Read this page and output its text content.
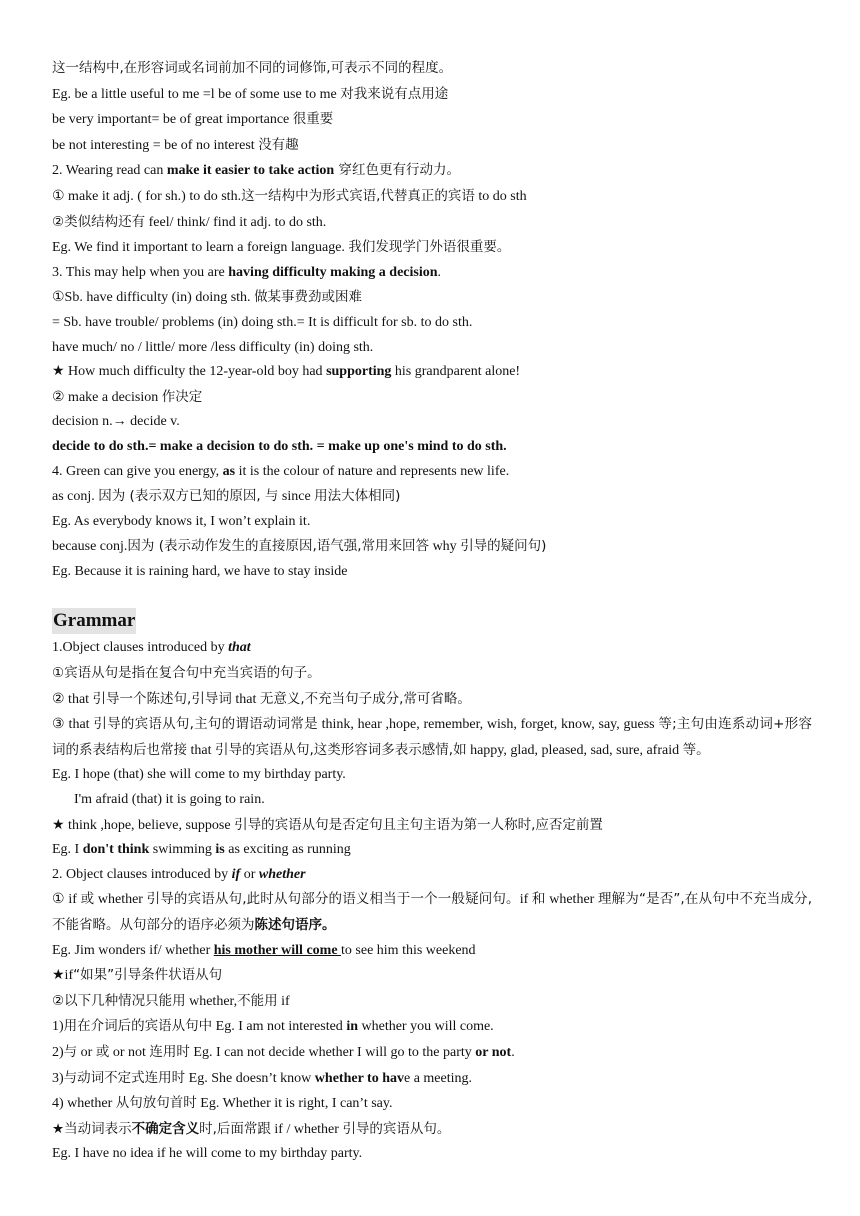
这一结构中,在形容词或名词前加不同的词修饰,可表示不同的程度。
Eg. be a little useful to me =l be of some use to me 对我来说有点用途
be very important= be of great importance 很重要
be not interesting = be of no interest 没有趣
2. Wearing read can make it easier to take action 穿红色更有行动力。
① make it adj. ( for sh.) to do sth.这一结构中为形式宾语,代替真正的宾语 to do sth
②类似结构还有 feel/ think/ find it adj. to do sth.
Eg. We find it important to learn a foreign language. 我们发现学门外语很重要。
3. This may help when you are having difficulty making a decision.
①Sb. have difficulty (in) doing sth. 做某事费劲或困难
= Sb. have trouble/ problems (in) doing sth.= It is difficult for sb. to do sth.
have much/ no / little/ more /less difficulty (in) doing sth.
★ How much difficulty the 12-year-old boy had supporting his grandparent alone!
② make a decision 作决定
decision n.→ decide v.
decide to do sth.= make a decision to do sth. = make up one's mind to do sth.
4. Green can give you energy, as it is the colour of nature and represents new life.
as conj. 因为 (表示双方已知的原因, 与 since 用法大体相同)
Eg. As everybody knows it, I won’t explain it.
because conj.因为 (表示动作发生的直接原因,语气强,常用来回答 why 引导的疑问句)
Eg. Because it is raining hard, we have to stay inside
Grammar
1.Object clauses introduced by that
①宾语从句是指在复合句中充当宾语的句子。
② that 引导一个陈述句,引导词 that 无意义,不充当句子成分,常可省略。
③ that 引导的宾语从句,主句的谓语动词常是 think, hear ,hope, remember, wish, forget, know, say, guess 等;主句由连系动词+形容词的系表结构后也常接 that 引导的宾语从句,这类形容词多表示感情,如 happy, glad, pleased, sad, sure, afraid 等。
Eg. I hope (that) she will come to my birthday party.
I'm afraid (that) it is going to rain.
★ think ,hope, believe, suppose 引导的宾语从句是否定句且主句主语为第一人称时,应否定前置
Eg. I don't think swimming is as exciting as running
2. Object clauses introduced by if or whether
① if 或 whether 引导的宾语从句,此时从句部分的语义相当于一个一般疑问句。if 和 whether 理解为“是否”,在从句中不充当成分,不能省略。从句部分的语序必须为陈述句语序。
Eg. Jim wonders if/ whether his mother will come to see him this weekend
★if“如果”引导条件状语从句
②以下几种情况只能用 whether,不能用 if
1)用在介词后的宾语从句中 Eg. I am not interested in whether you will come.
2)与 or 或 or not 连用时 Eg. I can not decide whether I will go to the party or not.
3)与动词不定式连用时 Eg. She doesn’t know whether to have a meeting.
4) whether 从句放句首时 Eg. Whether it is right, I can’t say.
★当动词表示不确定含义时,后面常跟 if / whether 引导的宾语从句。
Eg. I have no idea if he will come to my birthday party.
